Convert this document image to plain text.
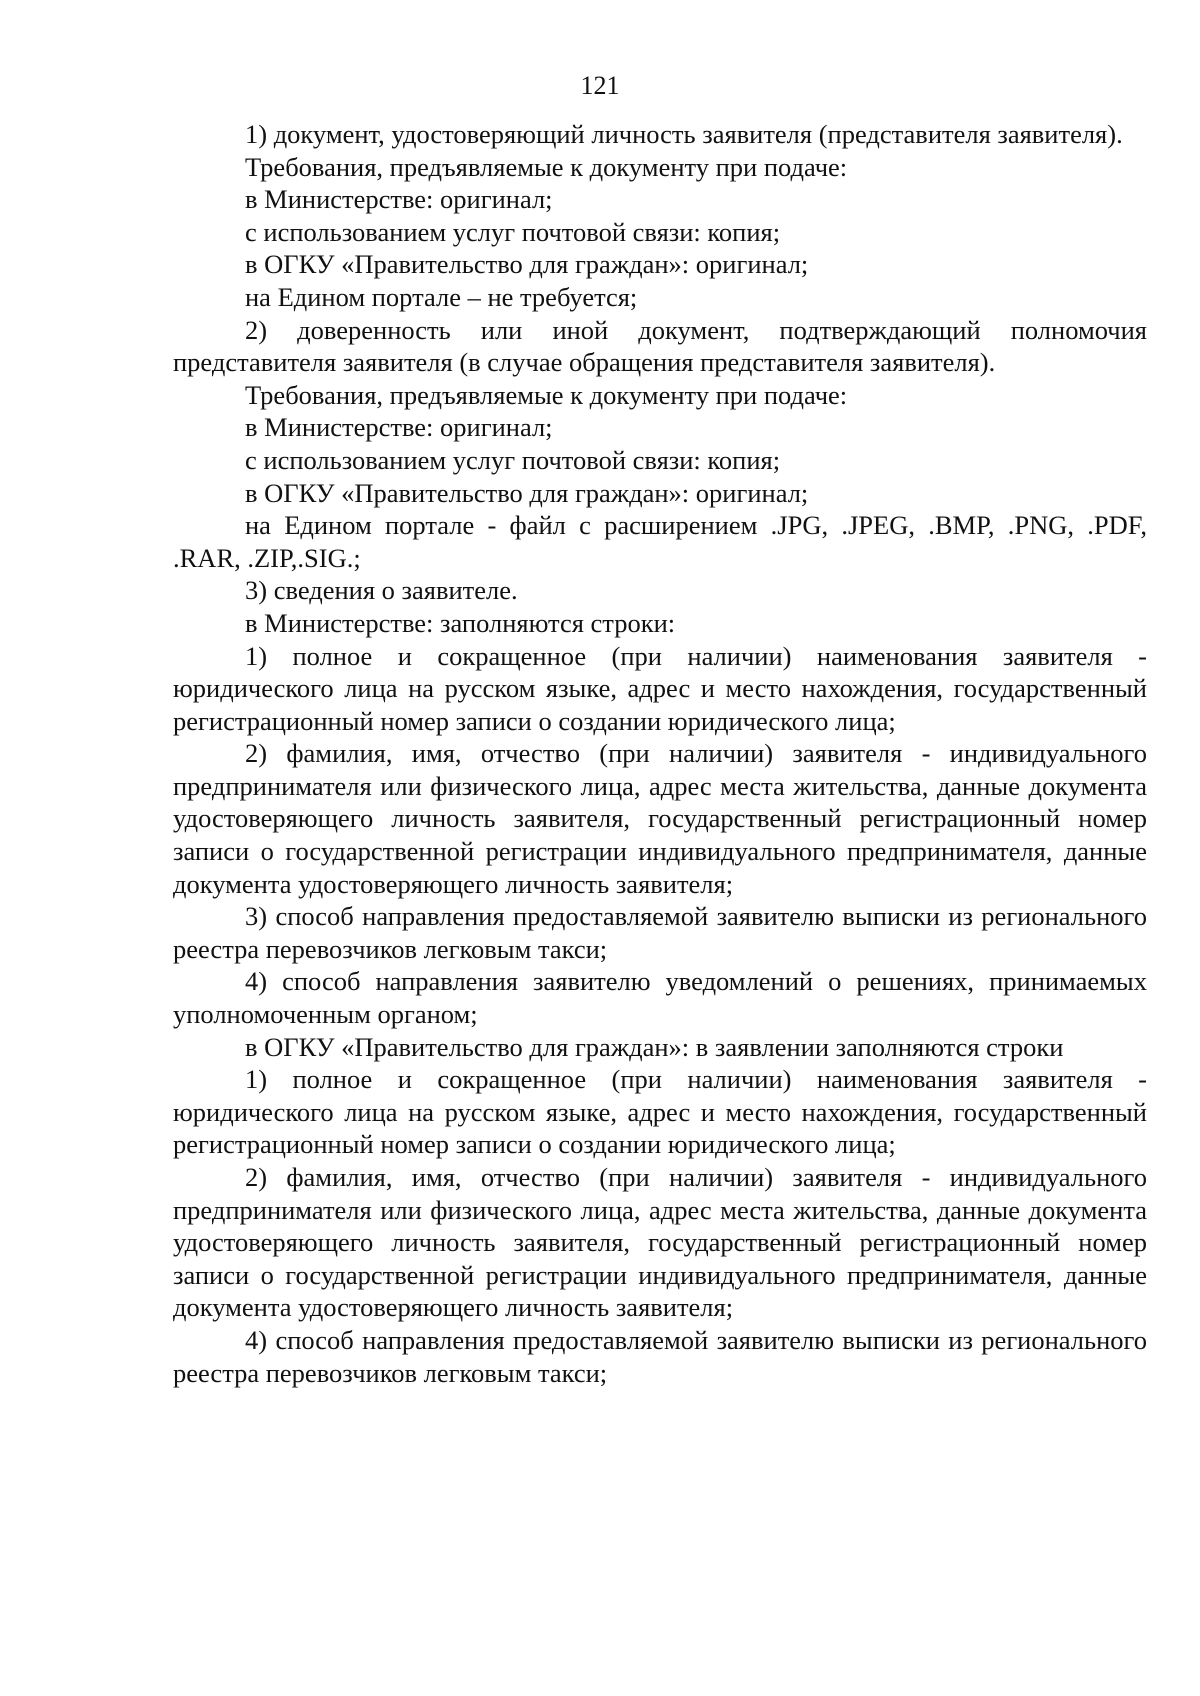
121

1) документ, удостоверяющий личность заявителя (представителя заявителя).

Требования, предъявляемые к документу при подаче:

в Министерстве: оригинал;

с использованием услуг почтовой связи: копия;

в ОГКУ «Правительство для граждан»: оригинал;

на Едином портале – не требуется;

2) доверенность или иной документ, подтверждающий полномочия представителя заявителя (в случае обращения представителя заявителя).

Требования, предъявляемые к документу при подаче:

в Министерстве: оригинал;

с использованием услуг почтовой связи: копия;

в ОГКУ «Правительство для граждан»: оригинал;

на Едином портале - файл с расширением .JPG, .JPEG, .BMP, .PNG, .PDF, .RAR, .ZIP,.SIG.;

3) сведения о заявителе.

в Министерстве: заполняются строки:

1) полное и сокращенное (при наличии) наименования заявителя - юридического лица на русском языке, адрес и место нахождения, государственный регистрационный номер записи о создании юридического лица;

2) фамилия, имя, отчество (при наличии) заявителя - индивидуального предпринимателя или физического лица, адрес места жительства, данные документа удостоверяющего личность заявителя, государственный регистрационный номер записи о государственной регистрации индивидуального предпринимателя, данные документа удостоверяющего личность заявителя;

3) способ направления предоставляемой заявителю выписки из регионального реестра перевозчиков легковым такси;

4) способ направления заявителю уведомлений о решениях, принимаемых уполномоченным органом;

в ОГКУ «Правительство для граждан»: в заявлении заполняются строки

1) полное и сокращенное (при наличии) наименования заявителя - юридического лица на русском языке, адрес и место нахождения, государственный регистрационный номер записи о создании юридического лица;

2) фамилия, имя, отчество (при наличии) заявителя - индивидуального предпринимателя или физического лица, адрес места жительства, данные документа удостоверяющего личность заявителя, государственный регистрационный номер записи о государственной регистрации индивидуального предпринимателя, данные документа удостоверяющего личность заявителя;

4) способ направления предоставляемой заявителю выписки из регионального реестра перевозчиков легковым такси;
